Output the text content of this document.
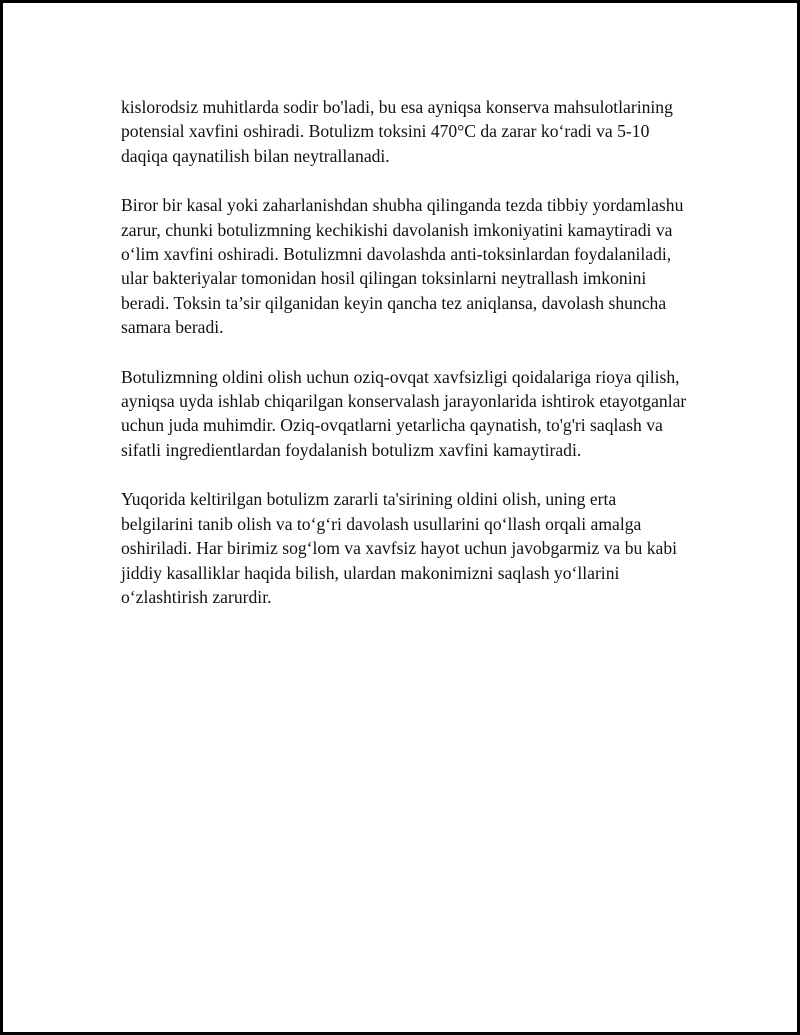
kislorodsiz muhitlarda sodir bo'ladi, bu esa ayniqsa konserva mahsulotlarining potensial xavfini oshiradi. Botulizm toksini 470°C da zarar ko‘radi va 5-10 daqiqa qaynatilish bilan neytrallanadi.

Biror bir kasal yoki zaharlanishdan shubha qilinganda tezda tibbiy yordamlashu zarur, chunki botulizmning kechikishi davolanish imkoniyatini kamaytiradi va o‘lim xavfini oshiradi. Botulizmni davolashda anti-toksinlardan foydalaniladi, ular bakteriyalar tomonidan hosil qilingan toksinlarni neytrallash imkonini beradi. Toksin ta’sir qilganidan keyin qancha tez aniqlansa, davolash shuncha samara beradi.

Botulizmning oldini olish uchun oziq-ovqat xavfsizligi qoidalariga rioya qilish, ayniqsa uyda ishlab chiqarilgan konservalash jarayonlarida ishtirok etayotganlar uchun juda muhimdir. Oziq-ovqatlarni yetarlicha qaynatish, to'g'ri saqlash va sifatli ingredientlardan foydalanish botulizm xavfini kamaytiradi.

Yuqorida keltirilgan botulizm zararli ta'sirining oldini olish, uning erta belgilarini tanib olish va to‘g‘ri davolash usullarini qo‘llash orqali amalga oshiriladi. Har birimiz sog‘lom va xavfsiz hayot uchun javobgarmiz va bu kabi jiddiy kasalliklar haqida bilish, ulardan makonimizni saqlash yo‘llarini o‘zlashtirish zarurdir.
